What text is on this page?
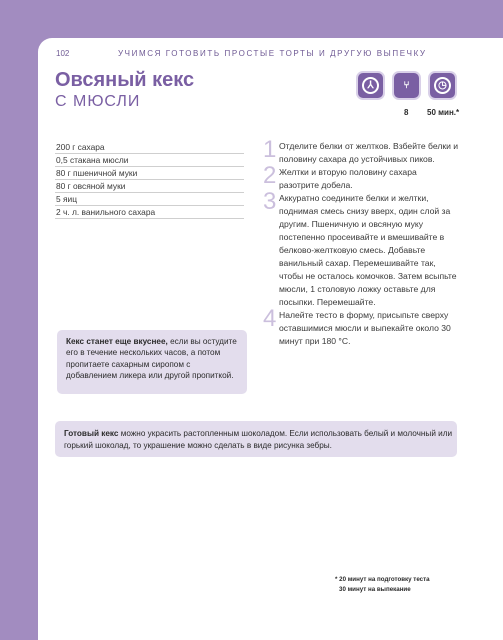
102	УЧИМСЯ ГОТОВИТЬ ПРОСТЫЕ ТОРТЫ И ДРУГУЮ ВЫПЕЧКУ
Овсяный кекс
С МЮСЛИ
⅄	⑂	◷
8 50 мин.*
200 г сахара
0,5 стакана мюсли
80 г пшеничной муки
80 г овсяной муки
5 яиц
2 ч. л. ванильного сахара
1 Отделите белки от желтков. Взбейте белки и половину сахара до устойчивых пиков.
2 Желтки и вторую половину сахара разотрите добела.
3 Аккуратно соедините белки и желтки, поднимая смесь снизу вверх, один слой за другим. Пшеничную и овсяную муку постепенно просеивайте и вмешивайте в белково-желтковую смесь. Добавьте ванильный сахар. Перемешивайте так, чтобы не осталось комочков. Затем всыпьте мюсли, 1 столовую ложку оставьте для посыпки. Перемешайте.
4 Налейте тесто в форму, присыпьте сверху оставшимися мюсли и выпекайте около 30 минут при 180 °С.
Кекс станет еще вкуснее, если вы остудите его в течение нескольких часов, а потом пропитаете сахарным сиропом с добавлением ликера или другой пропиткой.
Готовый кекс можно украсить растопленным шоколадом. Если использовать белый и молочный или горький шоколад, то украшение можно сделать в виде рисунка зебры.
* 20 минут на подготовку теста
30 минут на выпекание
